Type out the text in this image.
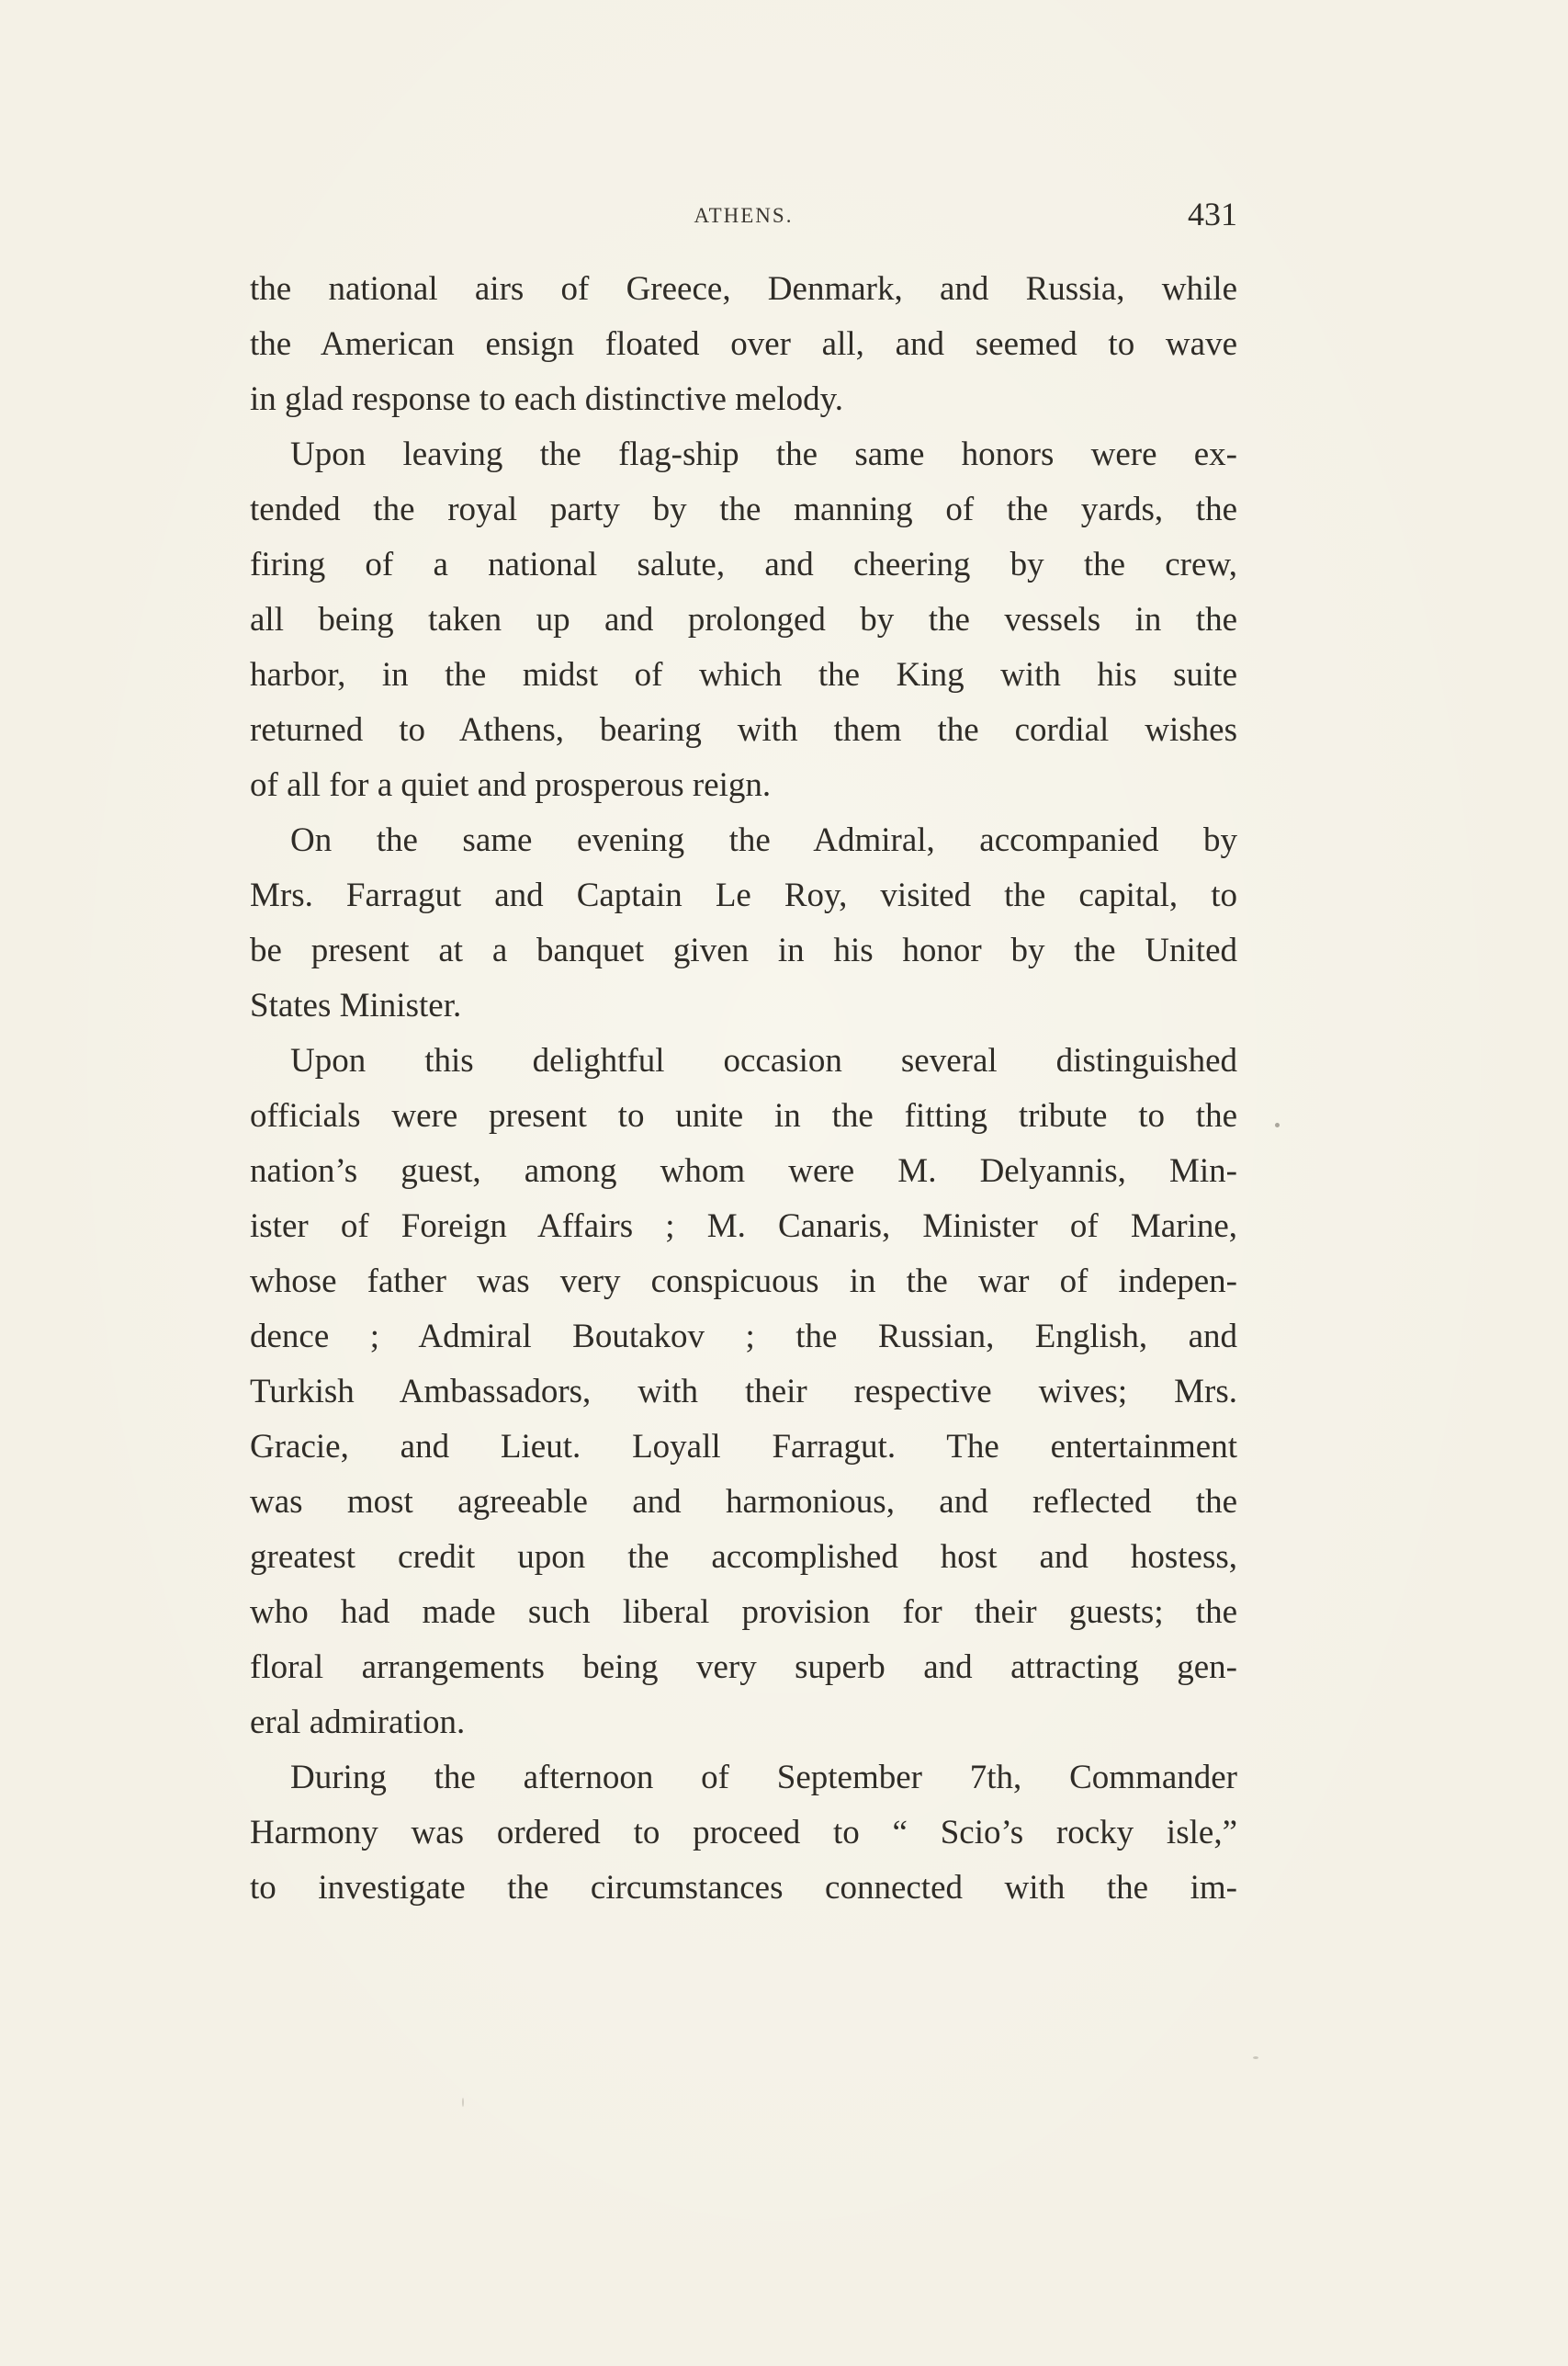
ATHENS.	431
the national airs of Greece, Denmark, and Russia, while
the American ensign floated over all, and seemed to wave
in glad response to each distinctive melody.
Upon leaving the flag-ship the same honors were ex-
tended the royal party by the manning of the yards, the
firing of a national salute, and cheering by the crew,
all being taken up and prolonged by the vessels in the
harbor, in the midst of which the King with his suite
returned to Athens, bearing with them the cordial wishes
of all for a quiet and prosperous reign.
On the same evening the Admiral, accompanied by
Mrs. Farragut and Captain Le Roy, visited the capital, to
be present at a banquet given in his honor by the United
States Minister.
Upon this delightful occasion several distinguished
officials were present to unite in the fitting tribute to the
nation’s guest, among whom were M. Delyannis, Min-
ister of Foreign Affairs ; M. Canaris, Minister of Marine,
whose father was very conspicuous in the war of indepen-
dence ; Admiral Boutakov ; the Russian, English, and
Turkish Ambassadors, with their respective wives; Mrs.
Gracie, and Lieut. Loyall Farragut. The entertainment
was most agreeable and harmonious, and reflected the
greatest credit upon the accomplished host and hostess,
who had made such liberal provision for their guests; the
floral arrangements being very superb and attracting gen-
eral admiration.
During the afternoon of September 7th, Commander
Harmony was ordered to proceed to “ Scio’s rocky isle,”
to investigate the circumstances connected with the im-
